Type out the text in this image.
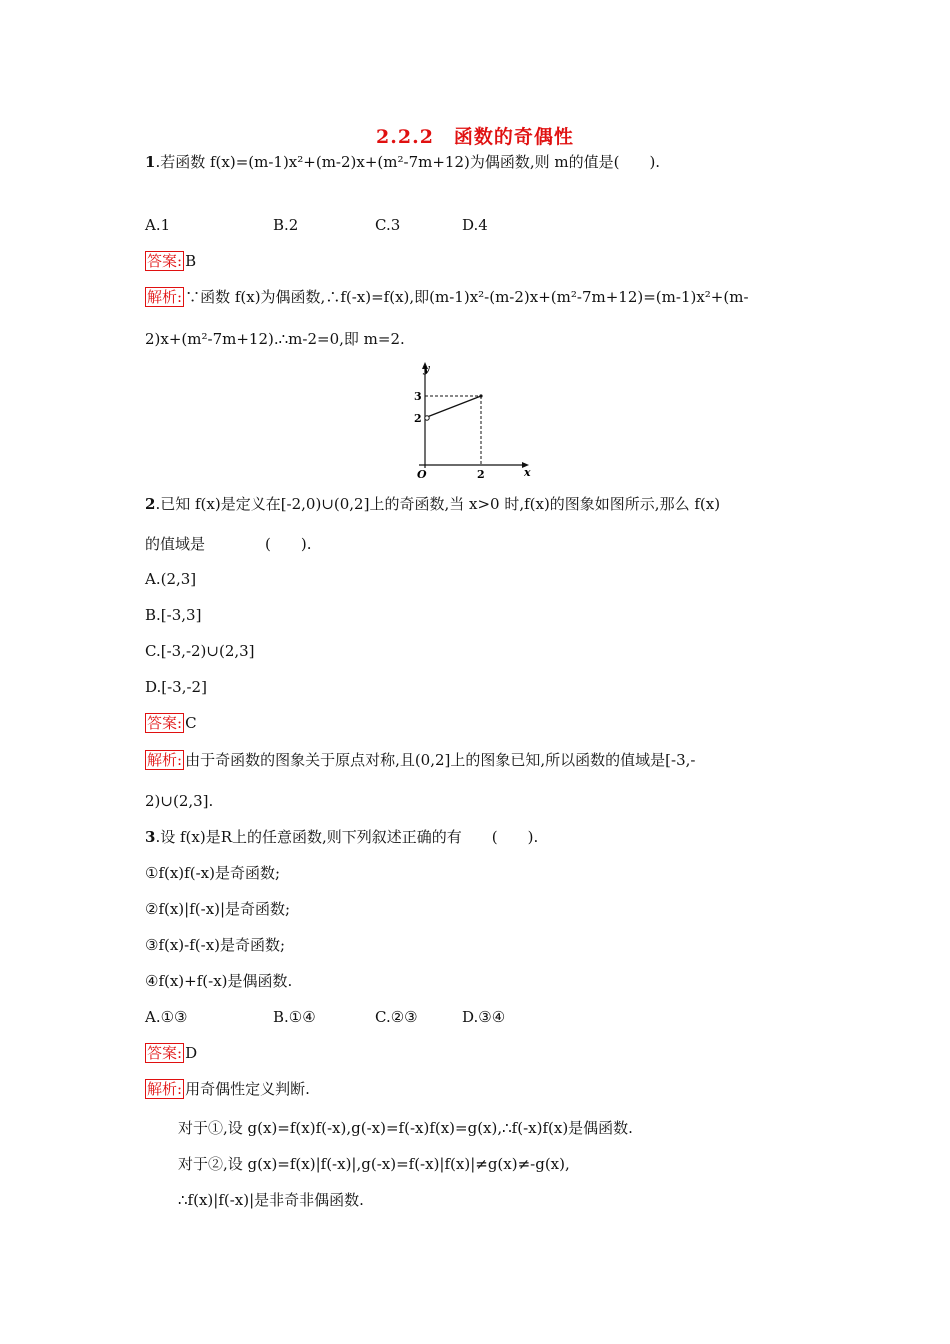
2.2.2　函数的奇偶性
1.若函数 f(x)=(m-1)x²+(m-2)x+(m²-7m+12)为偶函数,则 m的值是(　　).
A.1	B.2	C.3	D.4
答案: B
解析: ∵函数 f(x)为偶函数,∴f(-x)=f(x),即(m-1)x²-(m-2)x+(m²-7m+12)=(m-1)x²+(m-
2)x+(m²-7m+12).∴m-2=0,即 m=2.
y
x
O
3
2
2
2.已知 f(x)是定义在[-2,0)∪(0,2]上的奇函数,当 x>0 时,f(x)的图象如图所示,那么 f(x)
的值域是　　　　(　　).
A.(2,3]
B.[-3,3]
C.[-3,-2)∪(2,3]
D.[-3,-2]
答案: C
解析: 由于奇函数的图象关于原点对称,且(0,2]上的图象已知,所以函数的值域是[-3,-
2)∪(2,3].
3.设 f(x)是R上的任意函数,则下列叙述正确的有　　(　　).
①f(x)f(-x)是奇函数;
②f(x)|f(-x)|是奇函数;
③f(x)-f(-x)是奇函数;
④f(x)+f(-x)是偶函数.
A.①③	B.①④	C.②③	D.③④
答案: D
解析: 用奇偶性定义判断.
对于①,设 g(x)=f(x)f(-x),g(-x)=f(-x)f(x)=g(x),∴f(-x)f(x)是偶函数.
对于②,设 g(x)=f(x)|f(-x)|,g(-x)=f(-x)|f(x)|≠g(x)≠-g(x),
∴f(x)|f(-x)|是非奇非偶函数.
